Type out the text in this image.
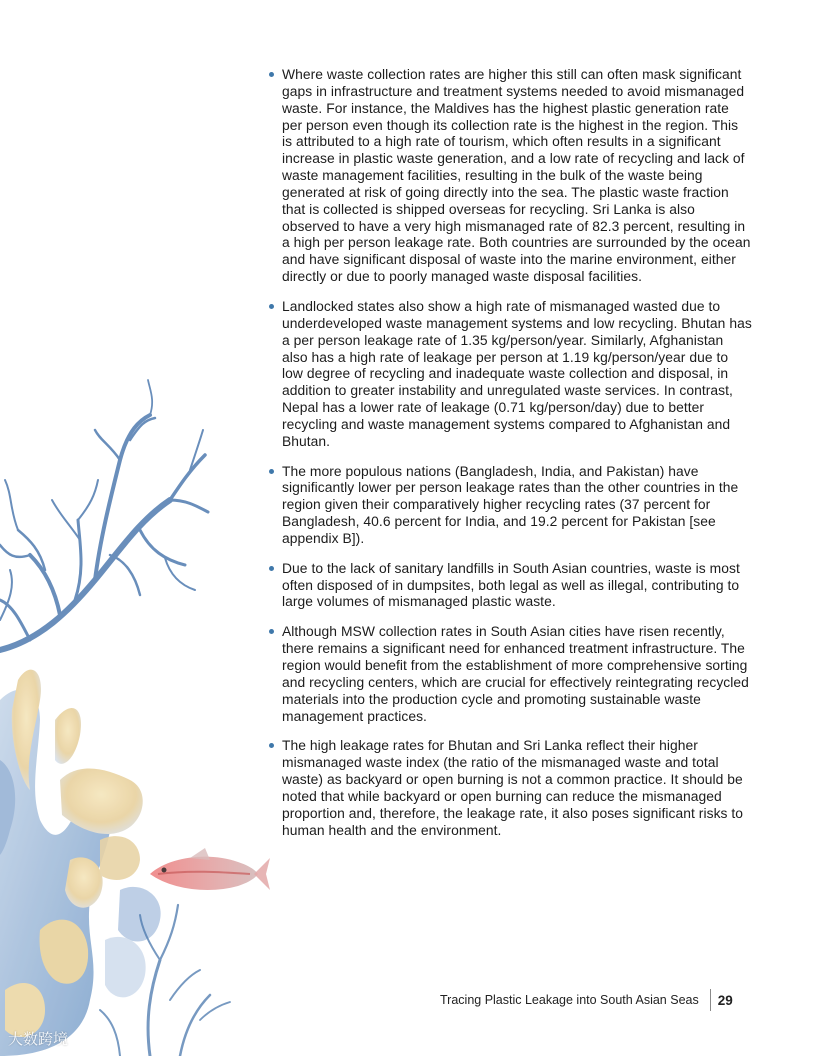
Where waste collection rates are higher this still can often mask significant gaps in infrastructure and treatment systems needed to avoid mismanaged waste. For instance, the Maldives has the highest plastic generation rate per person even though its collection rate is the highest in the region. This is attributed to a high rate of tourism, which often results in a significant increase in plastic waste generation, and a low rate of recycling and lack of waste management facilities, resulting in the bulk of the waste being generated at risk of going directly into the sea. The plastic waste fraction that is collected is shipped overseas for recycling. Sri Lanka is also observed to have a very high mismanaged rate of 82.3 percent, resulting in a high per person leakage rate. Both countries are surrounded by the ocean and have significant disposal of waste into the marine environment, either directly or due to poorly managed waste disposal facilities.
Landlocked states also show a high rate of mismanaged wasted due to underdeveloped waste management systems and low recycling. Bhutan has a per person leakage rate of 1.35 kg/person/year. Similarly, Afghanistan also has a high rate of leakage per person at 1.19 kg/person/year due to low degree of recycling and inadequate waste collection and disposal, in addition to greater instability and unregulated waste services. In contrast, Nepal has a lower rate of leakage (0.71 kg/person/day) due to better recycling and waste management systems compared to Afghanistan and Bhutan.
The more populous nations (Bangladesh, India, and Pakistan) have significantly lower per person leakage rates than the other countries in the region given their comparatively higher recycling rates (37 percent for Bangladesh, 40.6 percent for India, and 19.2 percent for Pakistan [see appendix B]).
Due to the lack of sanitary landfills in South Asian countries, waste is most often disposed of in dumpsites, both legal as well as illegal, contributing to large volumes of mismanaged plastic waste.
Although MSW collection rates in South Asian cities have risen recently, there remains a significant need for enhanced treatment infrastructure. The region would benefit from the establishment of more comprehensive sorting and recycling centers, which are crucial for effectively reintegrating recycled materials into the production cycle and promoting sustainable waste management practices.
The high leakage rates for Bhutan and Sri Lanka reflect their higher mismanaged waste index (the ratio of the mismanaged waste and total waste) as backyard or open burning is not a common practice. It should be noted that while backyard or open burning can reduce the mismanaged proportion and, therefore, the leakage rate, it also poses significant risks to human health and the environment.
Tracing Plastic Leakage into South Asian Seas 29
大数跨境
